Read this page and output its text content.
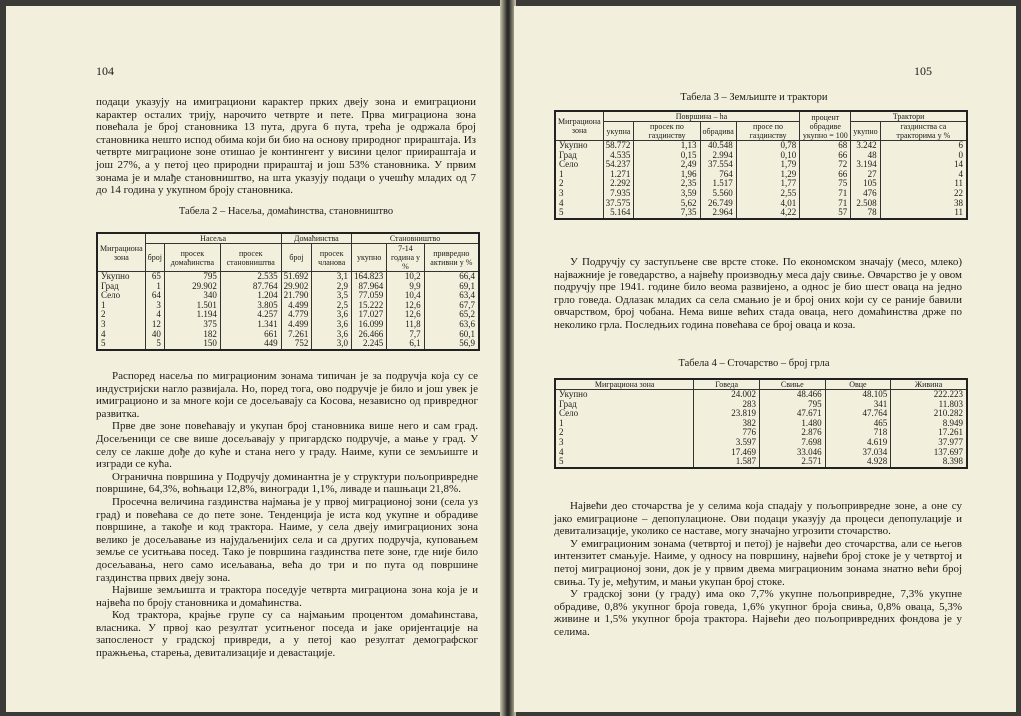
104

подаци указују на имиграциони карактер прких двеју зона и емиграциони карактер осталих трију, нарочито четврте и пете. Прва миграциона зона повећала је број становника 13 пута, друга 6 пута, трећа је одржала број становника нешто испод обима који би био на основу природног прираштаја. Из четврте миграционе зоне отишао је контингент у висини целог приираштаја и још 27%, а у петој цео природни прираштај и још 53% становника. У првим зонама је и млађе становништво, на шта указују подаци о учешћу младих од 7 до 14 година у укупном броју становника.

Табела 2 – Насеља, домаћинства, становништво
Миграциона зона	Насеља			Домаћинства		Становништво		
	број	просек домаћинства	просек становништва	број	просек чланова	укупно	7-14 година у %	привредно активни у %
Укупно	65	795	2.535	51.692	3,1	164.823	10,2	66,4
Град	1	29.902	87.764	29.902	2,9	87.964	9,9	69,1
Село	64	340	1.204	21.790	3,5	77.059	10,4	63,4
1	3	1.501	3.805	4.499	2,5	15.222	12,6	67,7
2	4	1.194	4.257	4.779	3,6	17.027	12,6	65,2
3	12	375	1.341	4.499	3,6	16.099	11,8	63,6
4	40	182	661	7.261	3,6	26.466	7,7	60,1
5	5	150	449	752	3,0	2.245	6,1	56,9

Распоред насеља по миграционим зонама типичан је за подручја која су се индустријски нагло развијала. Но, поред тога, ово подручје је било и још увек је имиграционо и за многе који се досељавају са Косова, независно од привредног развитка.

Прве две зоне повећавају и укупан број становника више него и сам град. Досељеници се све више досељавају у пригардско подручје, а мање у град. У селу се лакше дође до куће и стана него у граду. Наиме, купи се земљиште и изгради се кућа.

Огранична површина у Подручју доминантна је у структури пољопривредне површине, 64,3%, воћњаци 12,8%, виногради 1,1%, ливаде и пашњаци 21,8%.

Просечна величина газдинства најмања је у првој миграционој зони (села уз град) и повећава се до пете зоне. Тенденција је иста код укупне и обрадиве површине, а такође и код трактора. Наиме, у села двеју имиграционих зона велико је досељавање из најудаљенијих села и са других подручја, куповањем земље се уситњава посед. Тако је површина газдинства пете зоне, где није било досељавања, него само исељавања, већа до три и по пута од површине газдинства првих двеју зона.

Највише земљишта и трактора поседује четврта миграциона зона која је и највећа по броју становника и домаћинства.

Код трактора, крајње групе су са најмањим процентом домаћинстава, власника. У првој као резултат уситњеног поседа и јаке оријентације на запосленост у градској привреди, а у петој као резултат демографског пражњења, старења, девитализације и девастације.

105
Табела 3 – Земљиште и трактори
Миграциона зона	Површина – ha				процент обрадиве укупно = 100	Трактори	
	укупна	просек по газдинству	обрадива	просе по газдинству		укупно	газдинства са тракторима у %
Укупно	58.772	1,13	40.548	0,78	68	3.242	6
Град	4.535	0,15	2.994	0,10	66	48	0
Село	54.237	2,49	37.554	1,79	72	3.194	14
1	1.271	1,96	764	1,29	66	27	4
2	2.292	2,35	1.517	1,77	75	105	11
3	7.935	3,59	5.560	2,55	71	476	22
4	37.575	5,62	26.749	4,01	71	2.508	38
5	5.164	7,35	2.964	4,22	57	78	11

У Подручју су заступљене све врсте стоке. По економском значају (месо, млеко) најважније је говедарство, а највећу производњу меса дају свиње. Овчарство је у овом подручју пре 1941. године било веома развијено, а однос је био шест оваца на једно грло говеда. Одлазак младих са села смањио је и број оних који су се раније бавили овчарством, број чобана. Нема више већих стада оваца, него домаћинства држе по неколико грла. Последњих година повећава се број оваца и коза.

Табела 4 – Сточарство – број грла
Миграциона зона	Говеда	Свиње	Овце	Живина
Укупно	24.002	48.466	48.105	222.223
Град	283	795	341	11.803
Село	23.819	47.671	47.764	210.282
1	382	1.480	465	8.949
2	776	2.876	718	17.261
3	3.597	7.698	4.619	37.977
4	17.469	33.046	37.034	137.697
5	1.587	2.571	4.928	8.398

Највећи део сточарства је у селима која спадају у пољопривредне зоне, а оне су јако емиграционе – депопулационе. Ови подаци указују да процеси депопулације и девитализације, уколико се наставе, могу значајно угрозити сточарство.

У емиграционим зонама (четвртој и петој) је највећи део сточарства, али се његов интензитет смањује. Наиме, у односу на површину, највећи број стоке је у четвртој и петој миграционој зони, док је у првим двема миграционим зонама знатно већи број свиња. Ту је, међутим, и мањи укупан број стоке.

У градској зони (у граду) има око 7,7% укупне пољопривредне, 7,3% укупне обрадиве, 0,8% укупног броја говеда, 1,6% укупног броја свиња, 0,8% оваца, 5,3% живине и 1,5% укупног броја трактора. Највећи део пољопривредних фондова је у селима.
